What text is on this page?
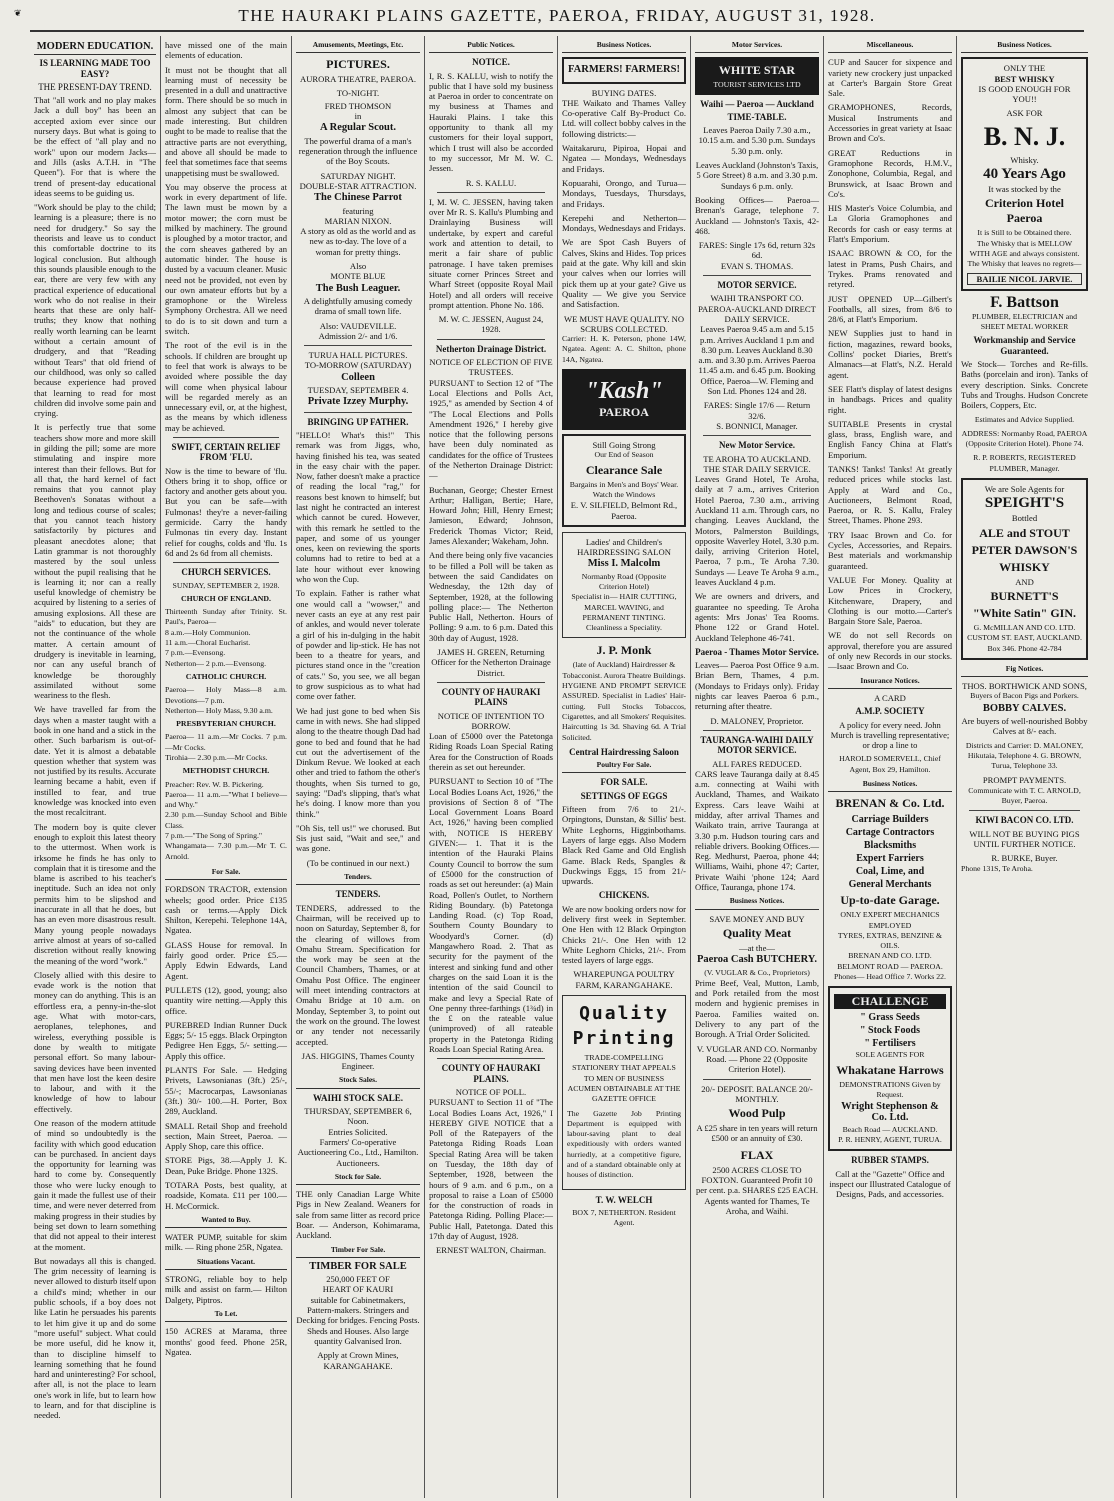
❦	THE HAURAKI PLAINS GAZETTE, PAEROA, FRIDAY, AUGUST 31, 1928.
MODERN EDUCATION.
IS LEARNING MADE TOO EASY?
THE PRESENT-DAY TREND.

That "all work and no play makes Jack a dull boy" has been an accepted axiom ever since our nursery days. But what is going to be the effect of "all play and no work" upon our modern Jacks—and Jills (asks A.T.H. in "The Queen"). For that is where the trend of present-day educational ideas seems to be guiding us.

"Work should be play to the child; learning is a pleasure; there is no need for drudgery." So say the theorists and leave us to conduct this comfortable doctrine to its logical conclusion. But although this sounds plausible enough to the ear, there are very few with any practical experience of educational work who do not realise in their hearts that these are only half-truths; they know that nothing really worth learning can be learnt without a certain amount of drudgery, and that "Reading without Tears" that old friend of our childhood, was only so called because experience had proved that learning to read for most children did involve some pain and crying.

It is perfectly true that some teachers show more and more skill in gilding the pill; some are more stimulating and inspire more interest than their fellows. But for all that, the hard kernel of fact remains that you cannot play Beethoven's Sonatas without a long and tedious course of scales; that you cannot teach history satisfactorily by pictures and pleasant anecdotes alone; that Latin grammar is not thoroughly mastered by the soul unless without the pupil realising that he is learning it; nor can a really useful knowledge of chemistry be acquired by listening to a series of amusing explosions. All these are "aids" to education, but they are not the continuance of the whole matter. A certain amount of drudgery is inevitable in learning, nor can any useful branch of knowledge be thoroughly assimilated without some weariness to the flesh.

We have travelled far from the days when a master taught with a book in one hand and a stick in the other. Such barbarism is out-of-date. Yet it is almost a debatable question whether that system was not justified by its results. Accurate learning became a habit, even if instilled to fear, and true knowledge was knocked into even the most recalcitrant.

The modern boy is quite clever enough to exploit this latest theory to the uttermost. When work is irksome he finds he has only to complain that it is tiresome and the blame is ascribed to his teacher's ineptitude. Such an idea not only permits him to be slipshod and inaccurate in all that he does, but has an even more disastrous result. Many young people nowadays arrive almost at years of so-called discretion without really knowing the meaning of the word "work."

Closely allied with this desire to evade work is the notion that money can do anything. This is an effortless era, a penny-in-the-slot age. What with motor-cars, aeroplanes, telephones, and wireless, everything possible is done by wealth to mitigate personal effort. So many labour-saving devices have been invented that men have lost the keen desire to labour, and with it the knowledge of how to labour effectively.

One reason of the modern attitude of mind so undoubtedly is the facility with which good education can be purchased. In ancient days the opportunity for learning was hard to come by. Consequently those who were lucky enough to gain it made the fullest use of their time, and were never deterred from making progress in their studies by being set down to learn something that did not appeal to their interest at the moment.

But nowadays all this is changed. The grim necessity of learning is never allowed to disturb itself upon a child's mind; whether in our public schools, if a boy does not like Latin he persuades his parents to let him give it up and do some "more useful" subject. What could be more useful, did he know it, than to discipline himself to learning something that he found hard and uninteresting? For school, after all, is not the place to learn one's work in life, but to learn how to learn, and for that discipline is needed.

have missed one of the main elements of education.

It must not be thought that all learning must of necessity be presented in a dull and unattractive form. There should be so much in almost any subject that can be made interesting. But children ought to be made to realise that the attractive parts are not everything, and above all should be made to feel that sometimes face that seems unappetising must be swallowed.

You may observe the process at work in every department of life. The lawn must be mown by a motor mower; the corn must be milked by machinery. The ground is ploughed by a motor tractor, and the corn sheaves gathered by an automatic binder. The house is dusted by a vacuum cleaner. Music need not be provided, not even by our own amateur efforts but by a gramophone or the Wireless Symphony Orchestra. All we need to do is to sit down and turn a switch.

The root of the evil is in the schools. If children are brought up to feel that work is always to be avoided where possible the day will come when physical labour will be regarded merely as an unnecessary evil, or, at the highest, as the means by which idleness may be achieved.

SWIFT, CERTAIN RELIEF FROM 'FLU.

Now is the time to beware of 'flu. Others bring it to shop, office or factory and another gets about you. But you can be safe—with Fulmonas! they're a never-failing germicide. Carry the handy Fulmonas tin every day. Instant relief for coughs, colds and 'flu. 1s 6d and 2s 6d from all chemists.

CHURCH SERVICES.
SUNDAY, SEPTEMBER 2, 1928.
CHURCH OF ENGLAND.
Thirteenth Sunday after Trinity. St. Paul's, Paeroa—
8 a.m.—Holy Communion.
11 a.m.—Choral Eucharist.
7 p.m.—Evensong.
Netherton— 2 p.m.—Evensong.
CATHOLIC CHURCH.
Paeroa— Holy Mass—8 a.m. Devotions—7 p.m.
Netherton— Holy Mass, 9.30 a.m.
PRESBYTERIAN CHURCH.
Paeroa— 11 a.m.—Mr Cocks. 7 p.m.—Mr Cocks.
Tirohia— 2.30 p.m.—Mr Cocks.
METHODIST CHURCH.
Preacher: Rev. W. B. Pickering.
Paeroa— 11 a.m.—"What I believe—and Why."
2.30 p.m.—Sunday School and Bible Class.
7 p.m.—"The Song of Spring."
Whangamata— 7.30 p.m.—Mr T. C. Arnold.
For Sale.

FORDSON TRACTOR, extension wheels; good order. Price £135 cash or terms.—Apply Dick Shilton, Kerepehi. Telephone 14A, Ngatea.

GLASS House for removal. In fairly good order. Price £5.—Apply Edwin Edwards, Land Agent.

PULLETS (12), good, young; also quantity wire netting.—Apply this office.

PUREBRED Indian Runner Duck Eggs; 5/- 15 eggs. Black Orpington Pedigree Hen Eggs, 5/- setting.—Apply this office.

PLANTS For Sale. — Hedging Privets, Lawsonianas (3ft.) 25/-, 55/-; Macrocarpas, Lawsonianas (3ft.) 30/- 100.—H. Porter, Box 289, Auckland.

SMALL Retail Shop and freehold section, Main Street, Paeroa. —Apply Shop, care this office.

STORE Pigs, 38.—Apply J. K. Dean, Puke Bridge. Phone 132S.

TOTARA Posts, best quality, at roadside, Komata. £11 per 100.—H. McCormick.

Wanted to Buy.

WATER PUMP, suitable for skim milk. — Ring phone 25R, Ngatea.

Situations Vacant.

STRONG, reliable boy to help milk and assist on farm.— Hilton Dalgety, Piptros.

To Let.

150 ACRES at Marama, three months' good feed. Phone 25R, Ngatea.

Amusements, Meetings, Etc.
PICTURES.
AURORA THEATRE, PAEROA.
TO-NIGHT.
FRED THOMSON
in
A Regular Scout.

The powerful drama of a man's regeneration through the influence of the Boy Scouts.

SATURDAY NIGHT.
DOUBLE-STAR ATTRACTION.
The Chinese Parrot
featuring
MARIAN NIXON.

A story as old as the world and as new as to-day. The love of a woman for pretty things.

Also
MONTE BLUE
The Bush Leaguer.

A delightfully amusing comedy drama of small town life.

Also: VAUDEVILLE.
Admission 2/- and 1/6.
TURUA HALL PICTURES.
TO-MORROW (SATURDAY)
Colleen
TUESDAY, SEPTEMBER 4.
Private Izzey Murphy.
BRINGING UP FATHER.

"HELLO! What's this!" This remark was from Jiggs, who, having finished his tea, was seated in the easy chair with the paper. Now, father doesn't make a practice of reading the local "rag," for reasons best known to himself; but last night he contracted an interest which cannot be cured. However, with this remark he settled to the paper, and some of us younger ones, keen on reviewing the sports columns had to retire to bed at a late hour without ever knowing who won the Cup.

To explain. Father is rather what one would call a "wowser," and never casts an eye at any rest pair of ankles, and would never tolerate a girl of his in-dulging in the habit of powder and lip-stick. He has not been to a theatre for years, and pictures stand once in the "creation of cats." So, you see, we all began to grow suspicious as to what had come over father.

We had just gone to bed when Sis came in with news. She had slipped along to the theatre though Dad had gone to bed and found that he had cut out the advertisement of the Dinkum Revue. We looked at each other and tried to fathom the other's thoughts, when Sis turned to go, saying: "Dad's slipping, that's what he's doing. I know more than you think."

"Oh Sis, tell us!" we chorused. But Sis just said, "Wait and see," and was gone.

(To be continued in our next.)
Tenders.
TENDERS.

TENDERS, addressed to the Chairman, will be received up to noon on Saturday, September 8, for the clearing of willows from Omahu Stream. Specification for the work may be seen at the Council Chambers, Thames, or at Omahu Post Office. The engineer will meet intending contractors at Omahu Bridge at 10 a.m. on Monday, September 3, to point out the work on the ground. The lowest or any tender not necessarily accepted.

JAS. HIGGINS, Thames County Engineer.
Stock Sales.
WAIHI STOCK SALE.
THURSDAY, SEPTEMBER 6, Noon.
Entries Solicited.

Farmers' Co-operative Auctioneering Co., Ltd., Hamilton. Auctioneers.

Stock for Sale.

THE only Canadian Large White Pigs in New Zealand. Weaners for sale from same litter as record price Boar. — Anderson, Kohimarama, Auckland.

Timber For Sale.
TIMBER FOR SALE
250,000 FEET OF
HEART OF KAURI

suitable for Cabinetmakers, Pattern-makers. Stringers and Decking for bridges. Fencing Posts. Sheds and Houses. Also large quantity Galvanised Iron.

Apply at Crown Mines, KARANGAHAKE.
Public Notices.
NOTICE.

I, R. S. KALLU, wish to notify the public that I have sold my business at Paeroa in order to concentrate on my business at Thames and Hauraki Plains. I take this opportunity to thank all my customers for their loyal support, which I trust will also be accorded to my successor, Mr M. W. C. Jessen.

R. S. KALLU.

I, M. W. C. JESSEN, having taken over Mr R. S. Kallu's Plumbing and Drainlaying Business will undertake, by expert and careful work and attention to detail, to merit a fair share of public patronage. I have taken premises situate corner Princes Street and Wharf Street (opposite Royal Mail Hotel) and all orders will receive prompt attention. Phone No. 186.

M. W. C. JESSEN, August 24, 1928.
Netherton Drainage District.
NOTICE OF ELECTION OF FIVE TRUSTEES.

PURSUANT to Section 12 of "The Local Elections and Polls Act, 1925," as amended by Section 4 of "The Local Elections and Polls Amendment 1926," I hereby give notice that the following persons have been duly nominated as candidates for the office of Trustees of the Netherton Drainage District:—

Buchanan, George; Chester Ernest Arthur; Halligan, Bertie; Hare, Howard John; Hill, Henry Ernest; Jamieson, Edward; Johnson, Frederick Thomas Victor; Reid, James Alexander; Wakeham, John.

And there being only five vacancies to be filled a Poll will be taken as between the said Candidates on Wednesday, the 12th day of September, 1928, at the following polling place:— The Netherton Public Hall, Netherton. Hours of Polling: 9 a.m. to 6 p.m. Dated this 30th day of August, 1928.

JAMES H. GREEN, Returning Officer for the Netherton Drainage District.
COUNTY OF HAURAKI PLAINS
NOTICE OF INTENTION TO BORROW.

Loan of £5000 over the Patetonga Riding Roads Loan Special Rating Area for the Construction of Roads therein as set out hereunder.

PURSUANT to Section 10 of "The Local Bodies Loans Act, 1926," the provisions of Section 8 of "The Local Government Loans Board Act, 1926," having been complied with, NOTICE IS HEREBY GIVEN:— 1. That it is the intention of the Hauraki Plains County Council to borrow the sum of £5000 for the construction of roads as set out hereunder: (a) Main Road, Pollen's Outlet, to Northern Riding Boundary. (b) Patetonga Landing Road. (c) Top Road, Southern County Boundary to Woodyard's Corner. (d) Mangawhero Road. 2. That as security for the payment of the interest and sinking fund and other charges on the said Loan it is the intention of the said Council to make and levy a Special Rate of One penny three-farthings (1¾d) in the £ on the rateable value (unimproved) of all rateable property in the Patetonga Riding Roads Loan Special Rating Area.

COUNTY OF HAURAKI PLAINS.
NOTICE OF POLL.

PURSUANT to Section 11 of "The Local Bodies Loans Act, 1926," I HEREBY GIVE NOTICE that a Poll of the Ratepayers of the Patetonga Riding Roads Loan Special Rating Area will be taken on Tuesday, the 18th day of September, 1928, between the hours of 9 a.m. and 6 p.m., on a proposal to raise a Loan of £5000 for the construction of roads in Patetonga Riding. Polling Place:— Public Hall, Patetonga. Dated this 17th day of August, 1928.

ERNEST WALTON, Chairman.
Business Notices.
FARMERS! FARMERS!
BUYING DATES.

THE Waikato and Thames Valley Co-operative Calf By-Product Co. Ltd. will collect bobby calves in the following districts:—

Waitakaruru, Pipiroa, Hopai and Ngatea — Mondays, Wednesdays and Fridays.

Kopuarahi, Orongo, and Turua—Mondays, Tuesdays, Thursdays, and Fridays.

Kerepehi and Netherton—Mondays, Wednesdays and Fridays.

We are Spot Cash Buyers of Calves, Skins and Hides. Top prices paid at the gate. Why kill and skin your calves when our lorries will pick them up at your gate? Give us Quality — We give you Service and Satisfaction.

WE MUST HAVE QUALITY. NO SCRUBS COLLECTED.

Carrier: H. K. Peterson, phone 14W, Ngatea. Agent: A. C. Shilton, phone 14A, Ngatea.

"Kash"
PAEROA
Still Going Strong
Our End of Season
Clearance Sale
Bargains in Men's and Boys' Wear. Watch the Windows
E. V. SILFIELD, Belmont Rd., Paeroa.
Ladies' and Children's HAIRDRESSING SALON
Miss I. Malcolm
Normanby Road (Opposite Criterion Hotel)
Specialist in— HAIR CUTTING, MARCEL WAVING, and PERMANENT TINTING. Cleanliness a Speciality.
J. P. Monk
(late of Auckland) Hairdresser & Tobacconist. Aurora Theatre Buildings.

HYGIENE AND PROMPT SERVICE ASSURED. Specialist in Ladies' Hair-cutting. Full Stocks Tobaccos, Cigarettes, and all Smokers' Requisites. Haircutting 1s 3d. Shaving 6d. A Trial Solicited.

Central Hairdressing Saloon
Poultry For Sale.
FOR SALE.
SETTINGS OF EGGS

Fifteen from 7/6 to 21/-. Orpingtons, Dunstan, & Sillis' best. White Leghorns, Higginbothams. Layers of large eggs. Also Modern Black Red Game and Old English Game. Black Reds, Spangles & Duckwings Eggs, 15 from 21/- upwards.

CHICKENS.

We are now booking orders now for delivery first week in September. One Hen with 12 Black Orpington Chicks 21/-. One Hen with 12 White Leghorn Chicks, 21/-. From tested layers of large eggs.

WHAREPUNGA POULTRY FARM, KARANGAHAKE.
Quality
Printing

TRADE-COMPELLING STATIONERY THAT APPEALS TO MEN OF BUSINESS ACUMEN OBTAINABLE AT THE GAZETTE OFFICE

The Gazette Job Printing Department is equipped with labour-saving plant to deal expeditiously with orders wanted hurriedly, at a competitive figure, and of a standard obtainable only at houses of distinction.

T. W. WELCH
BOX 7, NETHERTON. Resident Agent.
Motor Services.
WHITE STAR
TOURIST SERVICES LTD
Waihi — Paeroa — Auckland
TIME-TABLE.

Leaves Paeroa Daily 7.30 a.m., 10.15 a.m. and 5.30 p.m. Sundays 5.30 p.m. only.

Leaves Auckland (Johnston's Taxis, 5 Gore Street) 8 a.m. and 3.30 p.m. Sundays 6 p.m. only.

Booking Offices— Paeroa—Brenan's Garage, telephone 7. Auckland — Johnston's Taxis, 42-468.

FARES: Single 17s 6d, return 32s 6d.
EVAN S. THOMAS.
MOTOR SERVICE.
WAIHI TRANSPORT CO.
PAEROA-AUCKLAND DIRECT DAILY SERVICE.

Leaves Paeroa 9.45 a.m and 5.15 p.m. Arrives Auckland 1 p.m and 8.30 p.m. Leaves Auckland 8.30 a.m. and 3.30 p.m. Arrives Paeroa 11.45 a.m. and 6.45 p.m. Booking Office, Paeroa—W. Fleming and Son Ltd. Phones 124 and 28.

FARES: Single 17/6 — Return 32/6.
S. BONNICI, Manager.
New Motor Service.
TE AROHA TO AUCKLAND.
THE STAR DAILY SERVICE.

Leaves Grand Hotel, Te Aroha, daily at 7 a.m., arrives Criterion Hotel Paeroa, 7.30 a.m., arriving Auckland 11 a.m. Through cars, no changing. Leaves Auckland, the Motors, Palmerston Buildings, opposite Waverley Hotel, 3.30 p.m. daily, arriving Criterion Hotel, Paeroa, 7 p.m., Te Aroha 7.30. Sundays — Leave Te Aroha 9 a.m., leaves Auckland 4 p.m.

We are owners and drivers, and guarantee no speeding. Te Aroha agents: Mrs Jonas' Tea Rooms. Phone 122 or Grand Hotel. Auckland Telephone 46-741.

Paeroa - Thames Motor Service.

Leaves— Paeroa Post Office 9 a.m. Brian Bern, Thames, 4 p.m. (Mondays to Fridays only). Friday nights car leaves Paeroa 6 p.m., returning after theatre.

D. MALONEY, Proprietor.
TAURANGA-WAIHI DAILY MOTOR SERVICE.
ALL FARES REDUCED.

CARS leave Tauranga daily at 8.45 a.m. connecting at Waihi with Auckland, Thames, and Waikato Express. Cars leave Waihi at midday, after arrival Thames and Waikato train, arrive Tauranga at 3.30 p.m. Hudson touring cars and reliable drivers. Booking Offices.—Reg. Medhurst, Paeroa, phone 44; Williams, Waihi, phone 47; Carter, Private Waihi 'phone 124; Aard Office, Tauranga, phone 174.

Business Notices.
SAVE MONEY AND BUY
Quality Meat
—at the—
Paeroa Cash BUTCHERY.
(V. VUGLAR & Co., Proprietors)

Prime Beef, Veal, Mutton, Lamb, and Pork retailed from the most modern and hygienic premises in Paeroa. Families waited on. Delivery to any part of the Borough. A Trial Order Solicited.

V. VUGLAR AND CO. Normanby Road. — Phone 22 (Opposite Criterion Hotel).

20/- DEPOSIT. BALANCE 20/- MONTHLY.
Wood Pulp

A £25 share in ten years will return £500 or an annuity of £30.

FLAX

2500 ACRES CLOSE TO FOXTON. Guaranteed Profit 10 per cent. p.a. SHARES £25 EACH. Agents wanted for Thames, Te Aroha, and Waihi.

Miscellaneous.

CUP and Saucer for sixpence and variety new crockery just unpacked at Carter's Bargain Store Great Sale.

GRAMOPHONES, Records, Musical Instruments and Accessories in great variety at Isaac Brown and Co's.

GREAT Reductions in Gramophone Records, H.M.V., Zonophone, Columbia, Regal, and Brunswick, at Isaac Brown and Co's.

HIS Master's Voice Columbia, and La Gloria Gramophones and Records for cash or easy terms at Flatt's Emporium.

ISAAC BROWN & CO, for the latest in Prams, Push Chairs, and Trykes. Prams renovated and retyred.

JUST OPENED UP—Gilbert's Footballs, all sizes, from 8/6 to 28/6, at Flatt's Emporium.

NEW Supplies just to hand in fiction, magazines, reward books, Collins' pocket Diaries, Brett's Almanacs—at Flatt's, N.Z. Herald agent.

SEE Flatt's display of latest designs in handbags. Prices and quality right.

SUITABLE Presents in crystal glass, brass, English ware, and English Fancy China at Flatt's Emporium.

TANKS! Tanks! Tanks! At greatly reduced prices while stocks last. Apply at Ward and Co., Auctioneers, Belmont Road, Paeroa, or R. S. Kallu, Fraley Street, Thames. Phone 293.

TRY Isaac Brown and Co. for Cycles, Accessories, and Repairs. Best materials and workmanship guaranteed.

VALUE For Money. Quality at Low Prices in Crockery, Kitchenware, Drapery, and Clothing is our motto.—Carter's Bargain Store Sale, Paeroa.

WE do not sell Records on approval, therefore you are assured of only new Records in our stocks.—Isaac Brown and Co.

Insurance Notices.
A CARD
A.M.P. SOCIETY

A policy for every need. John Murch is travelling representative; or drop a line to

HAROLD SOMERVELL, Chief Agent, Box 29, Hamilton.
Business Notices.
BRENAN & Co. Ltd.
Carriage Builders
Cartage Contractors
Blacksmiths
Expert Farriers
Coal, Lime, and
General Merchants
Up-to-date Garage.
ONLY EXPERT MECHANICS EMPLOYED
TYRES, EXTRAS, BENZINE & OILS.
BRENAN AND CO. LTD.
BELMONT ROAD — PAEROA.
Phones— Head Office 7. Works 22.
CHALLENGE
" Grass Seeds
" Stock Foods
" Fertilisers
SOLE AGENTS FOR
Whakatane Harrows
DEMONSTRATIONS Given by Request.
Wright Stephenson & Co. Ltd.
Beach Road — AUCKLAND.
P. R. HENRY, AGENT, TURUA.
RUBBER STAMPS.

Call at the "Gazette" Office and inspect our Illustrated Catalogue of Designs, Pads, and accessories.

Business Notices.
ONLY THE
BEST WHISKY
IS GOOD ENOUGH FOR YOU!!
ASK FOR
B. N. J.
Whisky.
40 Years Ago
It was stocked by the
Criterion Hotel Paeroa
It is Still to be Obtained there.
The Whisky that is MELLOW WITH AGE and always consistent. The Whisky that leaves no regrets—
BAILIE NICOL JARVIE.
F. Battson
PLUMBER, ELECTRICIAN and SHEET METAL WORKER
Workmanship and Service Guaranteed.

We Stock— Torches and Re-fills. Baths (porcelain and iron). Tanks of every description. Sinks. Concrete Tubs and Troughs. Hudson Concrete Boilers, Coppers, Etc.

Estimates and Advice Supplied.

ADDRESS: Normanby Road, PAEROA (Opposite Criterion Hotel). Phone 74.

R. P. ROBERTS, REGISTERED PLUMBER, Manager.
We are Sole Agents for
SPEIGHT'S
Bottled
ALE and STOUT
PETER DAWSON'S
WHISKY
AND
BURNETT'S
"White Satin" GIN.
G. McMILLAN AND CO. LTD.
CUSTOM ST. EAST, AUCKLAND.
Box 346. Phone 42-784
Fig Notices.
THOS. BORTHWICK AND SONS,
Buyers of Bacon Pigs and Porkers.
BOBBY CALVES.

Are buyers of well-nourished Bobby Calves at 8/- each.

Districts and Carrier: D. MALONEY, Hikutaia, Telephone 4. G. BROWN, Turua, Telephone 33.

PROMPT PAYMENTS.

Communicate with T. C. ARNOLD, Buyer, Paeroa.

KIWI BACON CO. LTD.

WILL NOT BE BUYING PIGS UNTIL FURTHER NOTICE.

R. BURKE, Buyer.
Phone 131S, Te Aroha.
